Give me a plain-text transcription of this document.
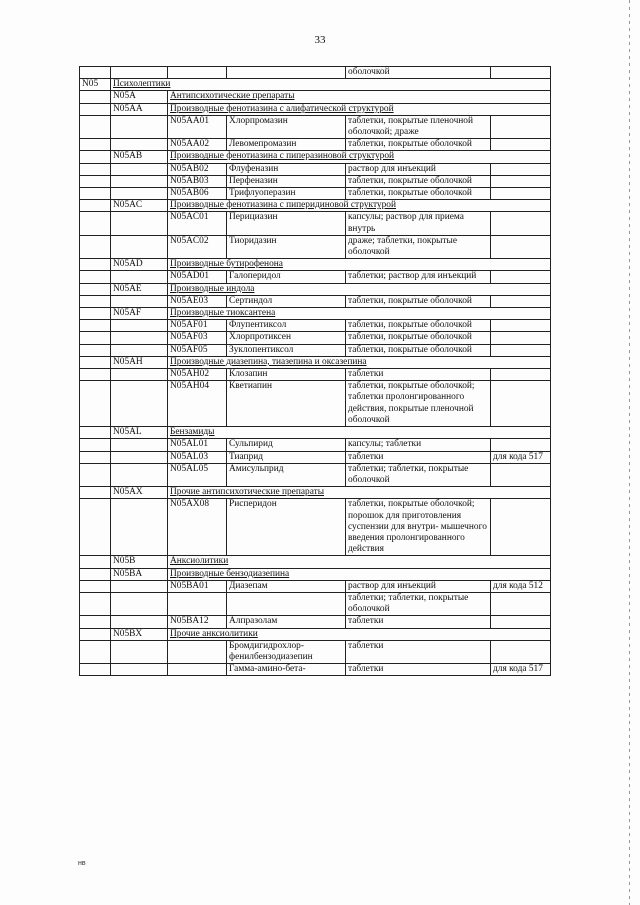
33
				оболочкой	
N05	Психолептики				
	N05A	Антипсихотические препараты			
	N05AA	Производные фенотиазина с алифатической структурой			
		N05AA01	Хлорпромазин	таблетки, покрытые пленочной оболочкой; драже	
		N05AA02	Левомепромазин	таблетки, покрытые оболочкой	
	N05AB	Производные фенотиазина с пиперазиновой структурой			
		N05AB02	Флуфеназин	раствор для инъекций	
		N05AB03	Перфеназин	таблетки, покрытые оболочкой	
		N05AB06	Трифлуоперазин	таблетки, покрытые оболочкой	
	N05AC	Производные фенотиазина с пиперидиновой структурой			
		N05AC01	Перициазин	капсулы; раствор для приема внутрь	
		N05AC02	Тиоридазин	драже; таблетки, покрытые оболочкой	
	N05AD	Производные бутирофенона			
		N05AD01	Галоперидол	таблетки; раствор для инъекций	
	N05AE	Производные индола			
		N05AE03	Сертиндол	таблетки, покрытые оболочкой	
	N05AF	Производные тиоксантена			
		N05AF01	Флупентиксол	таблетки, покрытые оболочкой	
		N05AF03	Хлорпротиксен	таблетки, покрытые оболочкой	
		N05AF05	Зуклопентиксол	таблетки, покрытые оболочкой	
	N05AH	Производные диазепина, тиазепина и оксазепина			
		N05AH02	Клозапин	таблетки	
		N05AH04	Кветиапин	таблетки, покрытые оболочкой; таблетки пролонгированного действия, покрытые пленочной оболочкой	
	N05AL	Бензамиды			
		N05AL01	Сульпирид	капсулы; таблетки	
		N05AL03	Тиаприд	таблетки	для кода 517
		N05AL05	Амисульприд	таблетки; таблетки, покрытые оболочкой	
	N05AX	Прочие антипсихотические препараты			
		N05AX08	Рисперидон	таблетки, покрытые оболочкой; порошок для приготовления суспензии для внутри- мышечного введения пролонгированного действия	
	N05B	Анксиолитики			
	N05BA	Производные бензодиазепина			
		N05BA01	Диазепам	раствор для инъекций	для кода 512
				таблетки; таблетки, покрытые оболочкой	
		N05BA12	Алпразолам	таблетки	
	N05BX	Прочие анксиолитики			
			Бромдигидрохлор-фенилбензодиазепин	таблетки	
			Гамма-амино-бета-	таблетки	для кода 517
нв
